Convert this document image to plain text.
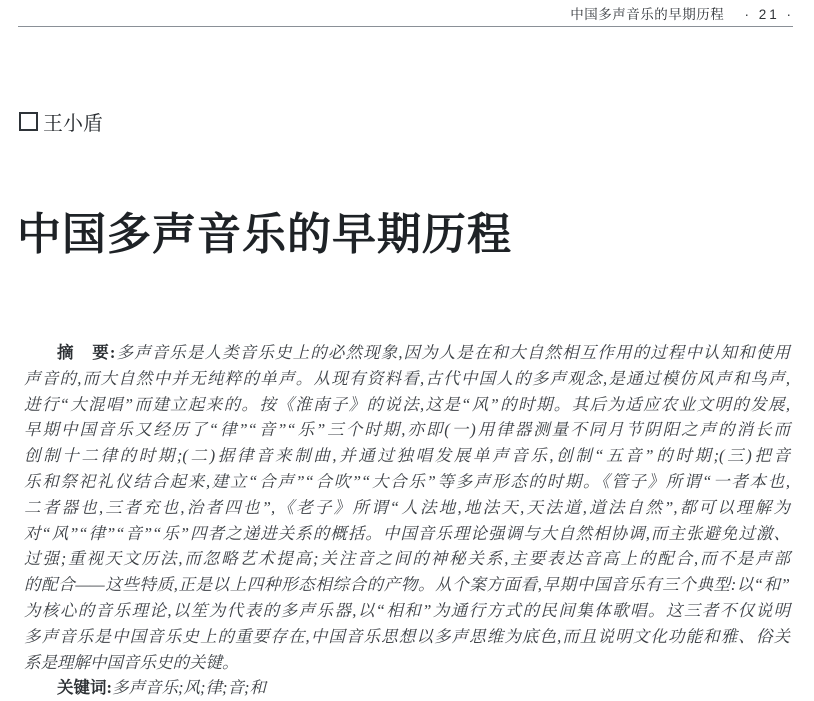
中国多声音乐的早期历程 · 21 ·
王小盾
中国多声音乐的早期历程
摘　要:多声音乐是人类音乐史上的必然现象,因为人是在和大自然相互作用的过程中认知和使用
声音的,而大自然中并无纯粹的单声。从现有资料看,古代中国人的多声观念,是通过模仿风声和鸟声,
进行“大混唱”而建立起来的。按《淮南子》的说法,这是“风”的时期。其后为适应农业文明的发展,
早期中国音乐又经历了“律”“音”“乐”三个时期,亦即(一)用律器测量不同月节阴阳之声的消长而
创制十二律的时期;(二)据律音来制曲,并通过独唱发展单声音乐,创制“五音”的时期;(三)把音
乐和祭祀礼仪结合起来,建立“合声”“合吹”“大合乐”等多声形态的时期。《管子》所谓“一者本也,
二者器也,三者充也,治者四也”,《老子》所谓“人法地,地法天,天法道,道法自然”,都可以理解为
对“风”“律”“音”“乐”四者之递进关系的概括。中国音乐理论强调与大自然相协调,而主张避免过激、
过强;重视天文历法,而忽略艺术提高;关注音之间的神秘关系,主要表达音高上的配合,而不是声部
的配合——这些特质,正是以上四种形态相综合的产物。从个案方面看,早期中国音乐有三个典型:以“和”
为核心的音乐理论,以笙为代表的多声乐器,以“相和”为通行方式的民间集体歌唱。这三者不仅说明
多声音乐是中国音乐史上的重要存在,中国音乐思想以多声思维为底色,而且说明文化功能和雅、俗关
系是理解中国音乐史的关键。
关键词:多声音乐;风;律;音;和
